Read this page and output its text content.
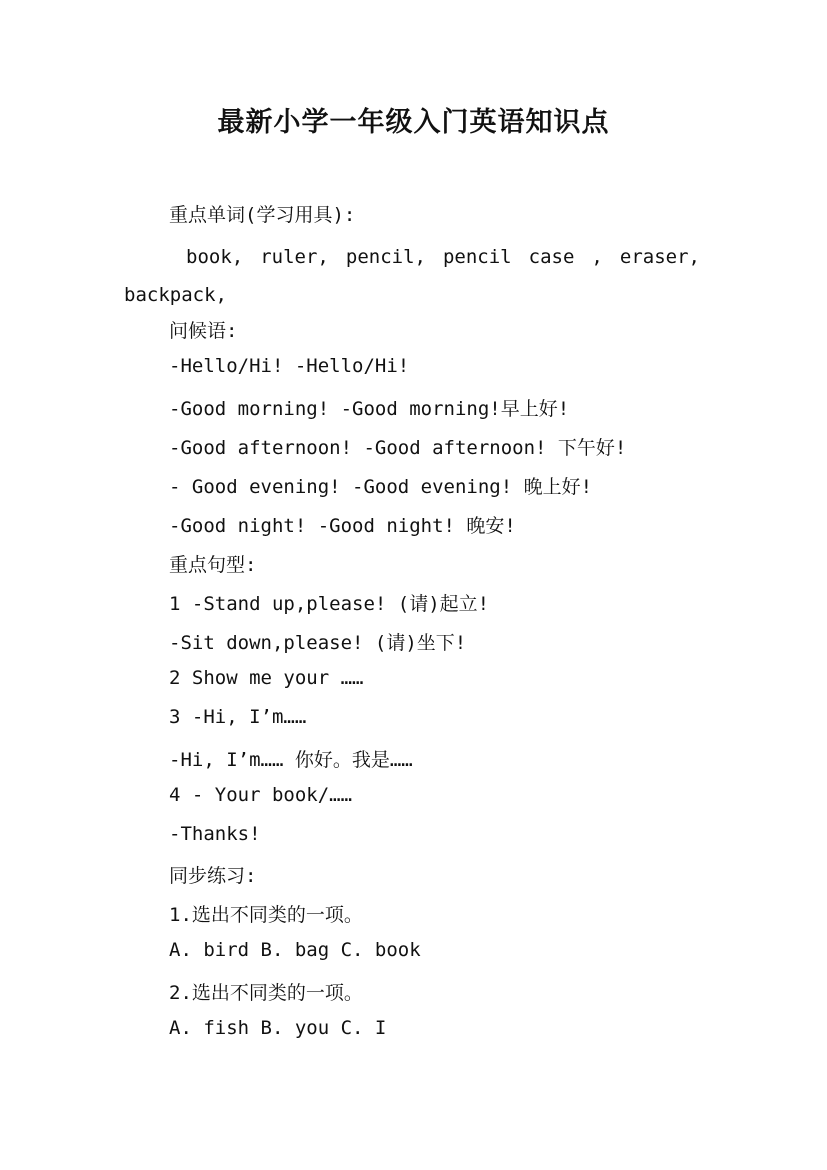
最新小学一年级入门英语知识点
重点单词(学习用具):
book, ruler, pencil, pencil case , eraser,
backpack,
问候语:
-Hello/Hi! -Hello/Hi!
-Good morning! -Good morning!早上好!
-Good afternoon! -Good afternoon! 下午好!
- Good evening! -Good evening! 晚上好!
-Good night! -Good night! 晚安!
重点句型:
1 -Stand up,please! (请)起立!
-Sit down,please! (请)坐下!
2 Show me your ……
3 -Hi, I’m……
-Hi, I’m…… 你好。我是……
4 - Your book/……
-Thanks!
同步练习:
1.选出不同类的一项。
A. bird B. bag C. book
2.选出不同类的一项。
A. fish B. you C. I
